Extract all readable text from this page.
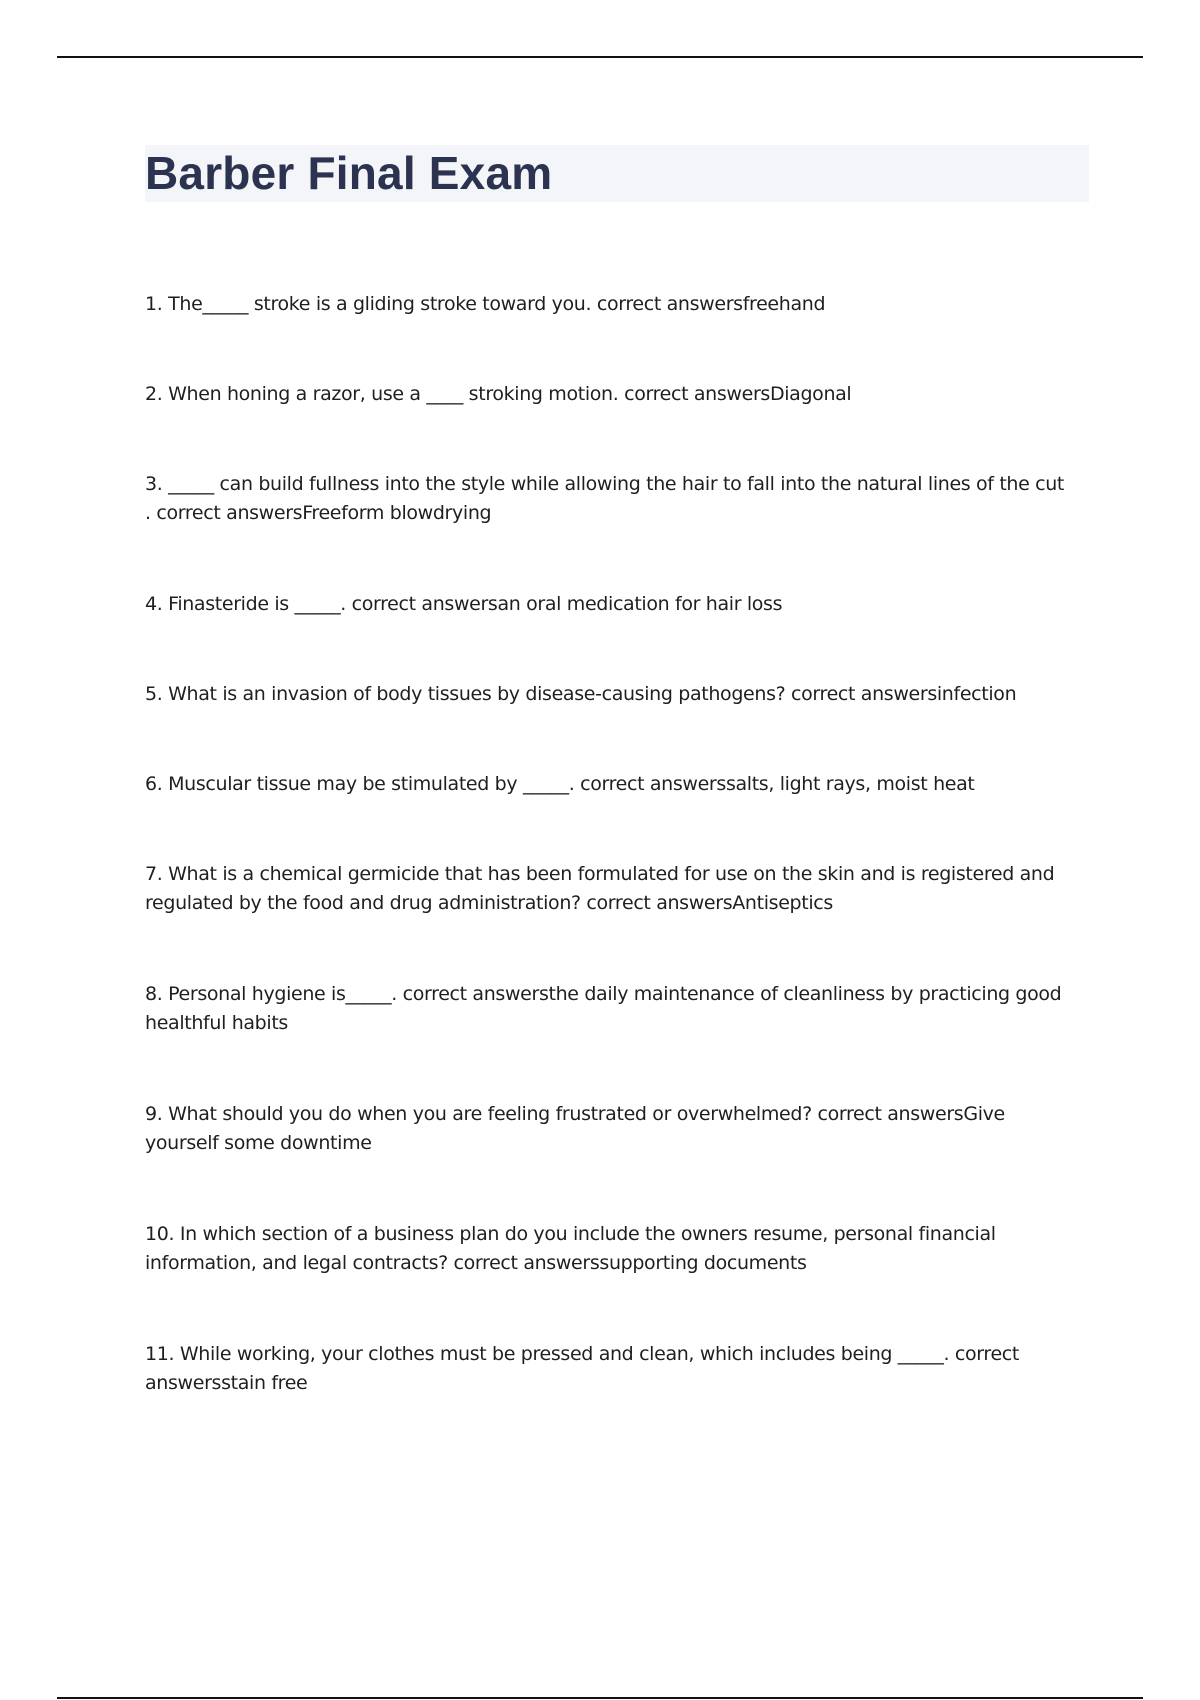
Barber Final Exam
1. The_____ stroke is a gliding stroke toward you. correct answersfreehand
2. When honing a razor, use a ____ stroking motion. correct answersDiagonal
3. _____ can build fullness into the style while allowing the hair to fall into the natural lines of the cut . correct answersFreeform blowdrying
4. Finasteride is _____. correct answersan oral medication for hair loss
5. What is an invasion of body tissues by disease-causing pathogens? correct answersinfection
6. Muscular tissue may be stimulated by _____. correct answerssalts, light rays, moist heat
7. What is a chemical germicide that has been formulated for use on the skin and is registered and regulated by the food and drug administration? correct answersAntiseptics
8. Personal hygiene is_____. correct answersthe daily maintenance of cleanliness by practicing good healthful habits
9. What should you do when you are feeling frustrated or overwhelmed? correct answersGive yourself some downtime
10. In which section of a business plan do you include the owners resume, personal financial information, and legal contracts? correct answerssupporting documents
11. While working, your clothes must be pressed and clean, which includes being _____. correct answersstain free
